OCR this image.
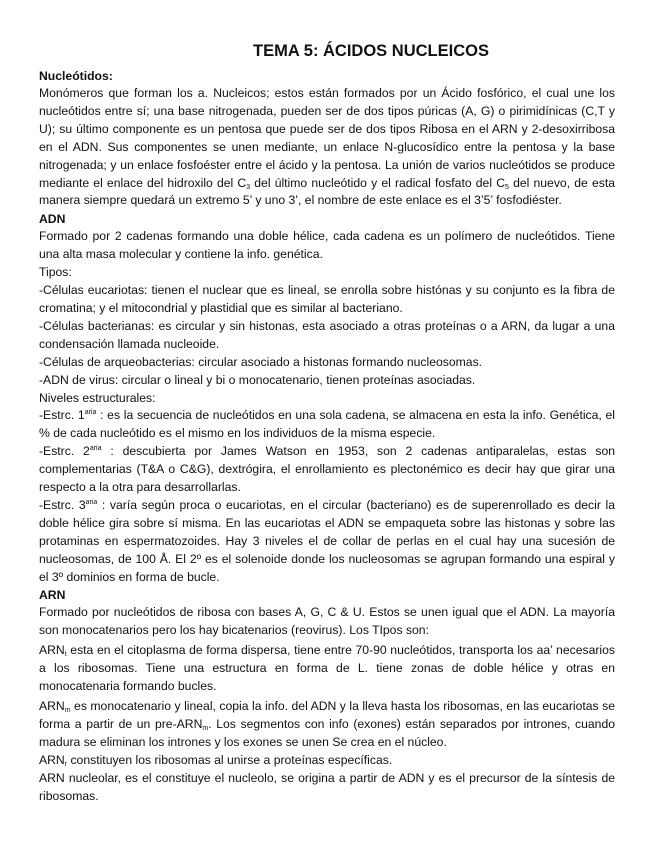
TEMA 5: ÁCIDOS NUCLEICOS
Nucleótidos:

Monómeros que forman los a. Nucleicos; estos están formados por un Ácido fosfórico, el cual une los nucleótidos entre sí; una base nitrogenada, pueden ser de dos tipos púricas (A, G) o pirimidínicas (C,T y U); su último componente es un pentosa que puede ser de dos tipos Ribosa en el ARN y 2-desoxirribosa en el ADN. Sus componentes se unen mediante, un enlace N-glucosídico entre la pentosa y la base nitrogenada; y un enlace fosfoéster entre el ácido y la pentosa. La unión de varios nucleótidos se produce mediante el enlace del hidroxilo del $C_3$ del último nucleótido y el radical fosfato del $C_5$ del nuevo, de esta manera siempre quedará un extremo 5’ y uno 3’, el nombre de este enlace es el 3’5’ fosfodiéster.

ADN

Formado por 2 cadenas formando una doble hélice, cada cadena es un polímero de nucleótidos. Tiene una alta masa molecular y contiene la info. genética.

Tipos:

-Células eucariotas: tienen el nuclear que es lineal, se enrolla sobre histónas y su conjunto es la fibra de cromatina; y el mitocondrial y plastidial que es similar al bacteriano.

-Células bacterianas: es circular y sin histonas, esta asociado a otras proteínas o a ARN, da lugar a una condensación llamada nucleoide.

-Células de arqueobacterias: circular asociado a histonas formando nucleosomas.

-ADN de virus: circular o lineal y bi o monocatenario, tienen proteínas asociadas.

Niveles estructurales:

-Estrc. $1^{aria}$ : es la secuencia de nucleótidos en una sola cadena, se almacena en esta la info. Genética, el % de cada nucleótido es el mismo en los individuos de la misma especie.

-Estrc. $2^{aria}$ : descubierta por James Watson en 1953, son 2 cadenas antiparalelas, estas son complementarias (T&A o C&G), dextrógira, el enrollamiento es plectonémico es decir hay que girar una respecto a la otra para desarrollarlas.

-Estrc. $3^{aria}$ : varía según proca o eucariotas, en el circular (bacteriano) es de superenrollado es decir la doble hélice gira sobre sí misma. En las eucariotas el ADN se empaqueta sobre las histonas y sobre las protaminas en espermatozoides. Hay 3 niveles el de collar de perlas en el cual hay una sucesión de nucleosomas, de 100 Å. El 2º es el solenoide donde los nucleosomas se agrupan formando una espiral y el 3º dominios en forma de bucle.

ARN

Formado por nucleótidos de ribosa con bases A, G, C & U. Estos se unen igual que el ADN. La mayoría son monocatenarios pero los hay bicatenarios (reovirus). Los TIpos son:

$ARN_t$ esta en el citoplasma de forma dispersa, tiene entre 70-90 nucleótidos, transporta los aa’ necesarios a los ribosomas. Tiene una estructura en forma de L. tiene zonas de doble hélice y otras en monocatenaria formando bucles.

$ARN_m$ es monocatenario y lineal, copia la info. del ADN y la lleva hasta los ribosomas, en las eucariotas se forma a partir de un pre-$ARN_m$. Los segmentos con info (exones) están separados por intrones, cuando madura se eliminan los intrones y los exones se unen Se crea en el núcleo.

$ARN_r$ constituyen los ribosomas al unirse a proteínas específicas.

ARN nucleolar, es el constituye el nucleolo, se origina a partir de ADN y es el precursor de la síntesis de ribosomas.
